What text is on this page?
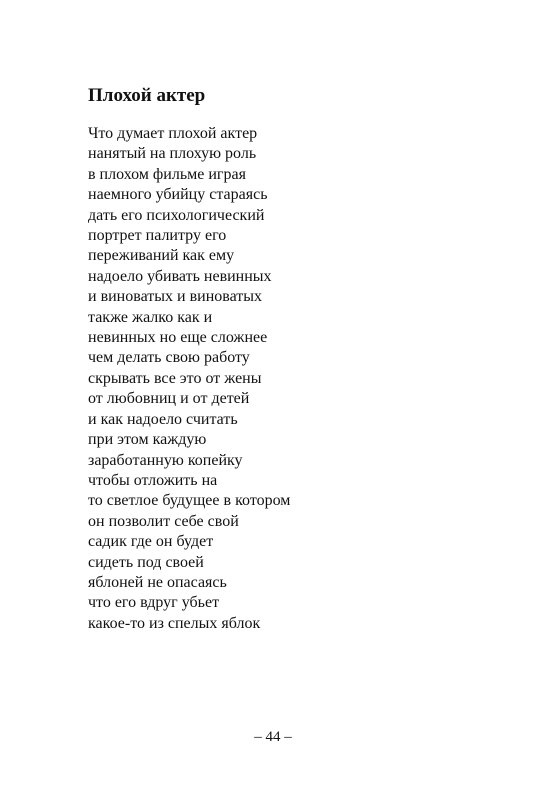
Плохой актер
Что думает плохой актер
нанятый на плохую роль
в плохом фильме играя
наемного убийцу стараясь
дать его психологический
портрет палитру его
переживаний как ему
надоело убивать невинных
и виноватых и виноватых
также жалко как и
невинных но еще сложнее
чем делать свою работу
скрывать все это от жены
от любовниц и от детей
и как надоело считать
при этом каждую
заработанную копейку
чтобы отложить на
то светлое будущее в котором
он позволит себе свой
садик где он будет
сидеть под своей
яблоней не опасаясь
что его вдруг убьет
какое-то из спелых яблок
– 44 –
